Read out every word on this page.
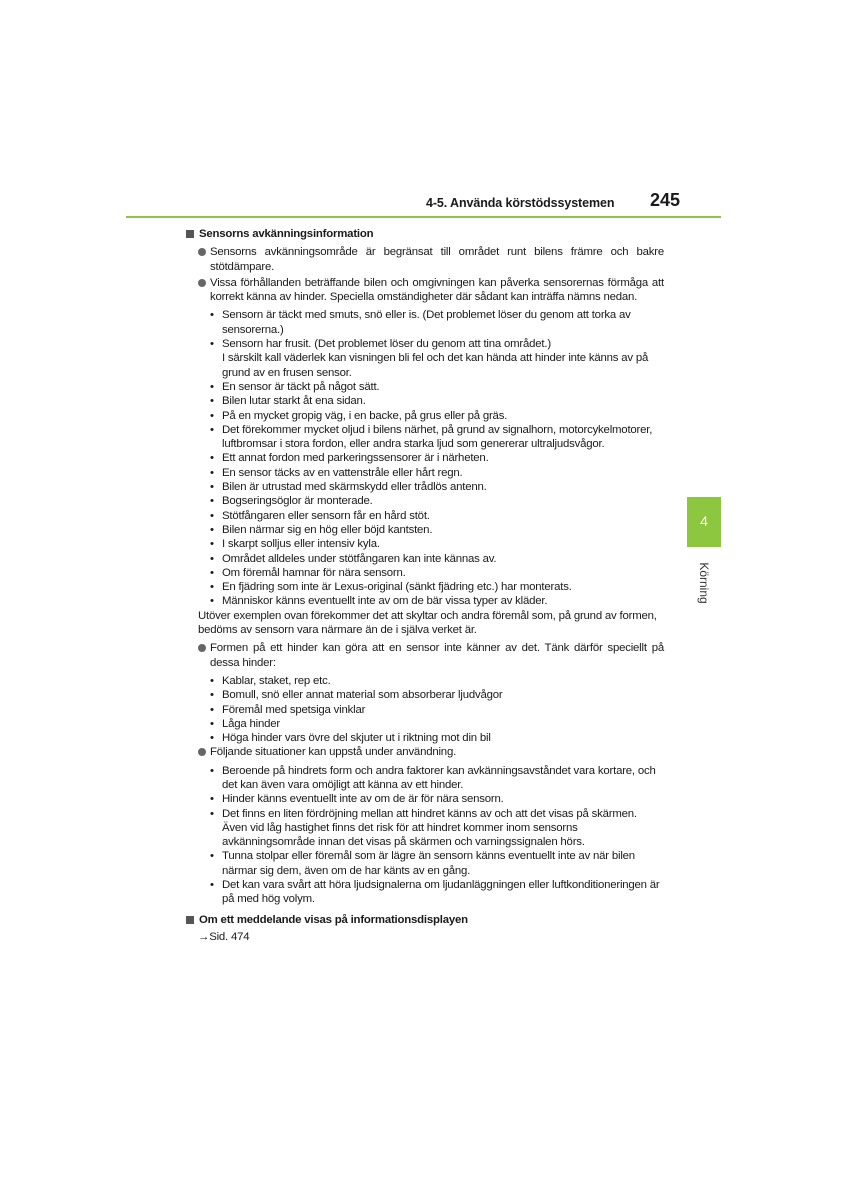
4-5. Använda körstödssystemen 245
4
Körning
Sensorns avkänningsinformation
Sensorns avkänningsområde är begränsat till området runt bilens främre och bakre stötdämpare.
Vissa förhållanden beträffande bilen och omgivningen kan påverka sensorernas förmåga att korrekt känna av hinder. Speciella omständigheter där sådant kan inträffa nämns nedan.
• Sensorn är täckt med smuts, snö eller is. (Det problemet löser du genom att torka av sensorerna.)
• Sensorn har frusit. (Det problemet löser du genom att tina området.)
I särskilt kall väderlek kan visningen bli fel och det kan hända att hinder inte känns av på grund av en frusen sensor.
• En sensor är täckt på något sätt.
• Bilen lutar starkt åt ena sidan.
• På en mycket gropig väg, i en backe, på grus eller på gräs.
• Det förekommer mycket oljud i bilens närhet, på grund av signalhorn, motorcykelmotorer, luftbromsar i stora fordon, eller andra starka ljud som genererar ultraljudsvågor.
• Ett annat fordon med parkeringssensorer är i närheten.
• En sensor täcks av en vattenstråle eller hårt regn.
• Bilen är utrustad med skärmskydd eller trådlös antenn.
• Bogseringsöglor är monterade.
• Stötfångaren eller sensorn får en hård stöt.
• Bilen närmar sig en hög eller böjd kantsten.
• I skarpt solljus eller intensiv kyla.
• Området alldeles under stötfångaren kan inte kännas av.
• Om föremål hamnar för nära sensorn.
• En fjädring som inte är Lexus-original (sänkt fjädring etc.) har monterats.
• Människor känns eventuellt inte av om de bär vissa typer av kläder.
Utöver exemplen ovan förekommer det att skyltar och andra föremål som, på grund av formen, bedöms av sensorn vara närmare än de i själva verket är.
Formen på ett hinder kan göra att en sensor inte känner av det. Tänk därför speciellt på dessa hinder:
• Kablar, staket, rep etc.
• Bomull, snö eller annat material som absorberar ljudvågor
• Föremål med spetsiga vinklar
• Låga hinder
• Höga hinder vars övre del skjuter ut i riktning mot din bil
Följande situationer kan uppstå under användning.
• Beroende på hindrets form och andra faktorer kan avkänningsavståndet vara kortare, och det kan även vara omöjligt att känna av ett hinder.
• Hinder känns eventuellt inte av om de är för nära sensorn.
• Det finns en liten fördröjning mellan att hindret känns av och att det visas på skärmen. Även vid låg hastighet finns det risk för att hindret kommer inom sensorns avkänningsområde innan det visas på skärmen och varningssignalen hörs.
• Tunna stolpar eller föremål som är lägre än sensorn känns eventuellt inte av när bilen närmar sig dem, även om de har känts av en gång.
• Det kan vara svårt att höra ljudsignalerna om ljudanläggningen eller luftkonditioneringen är på med hög volym.
Om ett meddelande visas på informationsdisplayen
→Sid. 474
